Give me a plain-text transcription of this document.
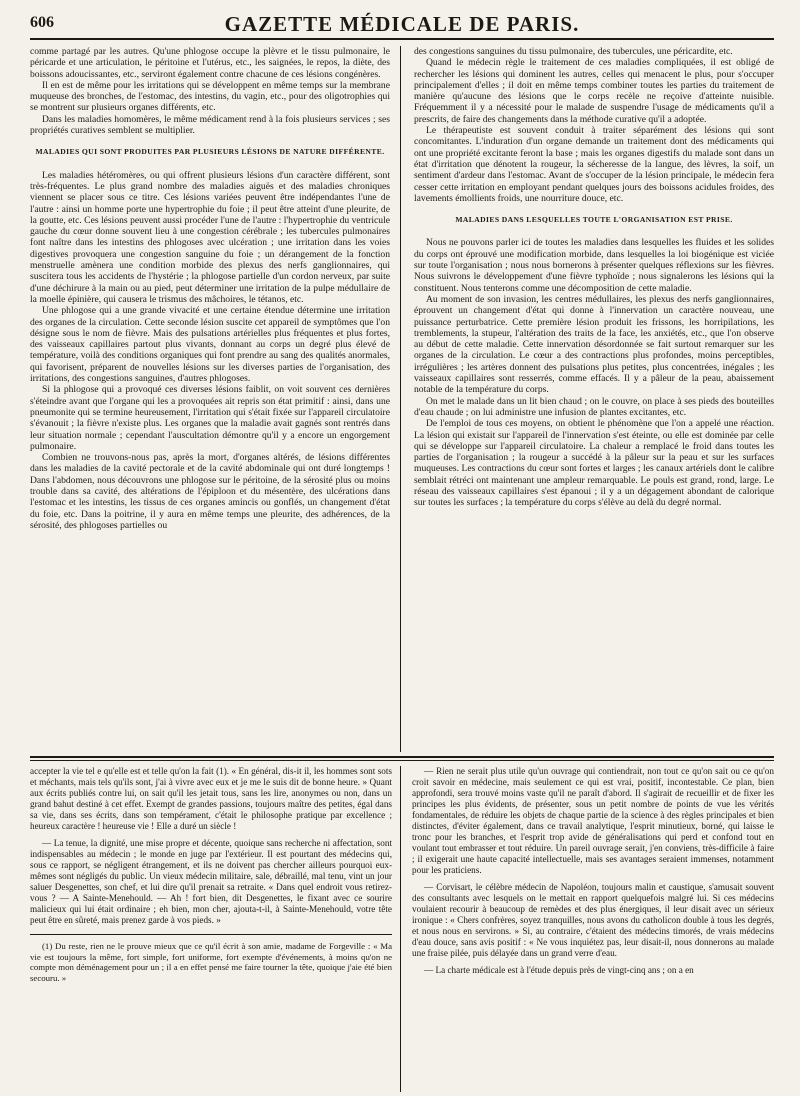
606	GAZETTE MÉDICALE DE PARIS.

comme partagé par les autres. Qu'une phlogose occupe la plèvre et le tissu pulmonaire, le péricarde et une articulation, le péritoine et l'utérus, etc., les saignées, le repos, la diète, des boissons adoucissantes, etc., serviront également contre chacune de ces lésions congénères.

Il en est de même pour les irritations qui se développent en même temps sur la membrane muqueuse des bronches, de l'estomac, des intestins, du vagin, etc., pour des oligotrophies qui se montrent sur plusieurs organes différents, etc.

Dans les maladies homomères, le même médicament rend à la fois plusieurs services ; ses propriétés curatives semblent se multiplier.

MALADIES QUI SONT PRODUITES PAR PLUSIEURS LÉSIONS DE NATURE DIFFÉRENTE.

Les maladies hétéromères, ou qui offrent plusieurs lésions d'un caractère différent, sont très-fréquentes. Le plus grand nombre des maladies aiguës et des maladies chroniques viennent se placer sous ce titre. Ces lésions variées peuvent être indépendantes l'une de l'autre : ainsi un homme porte une hypertrophie du foie ; il peut être atteint d'une pleurite, de la goutte, etc. Ces lésions peuvent aussi procéder l'une de l'autre : l'hypertrophie du ventricule gauche du cœur donne souvent lieu à une congestion cérébrale ; les tubercules pulmonaires font naître dans les intestins des phlogoses avec ulcération ; une irritation dans les voies digestives provoquera une congestion sanguine du foie ; un dérangement de la fonction menstruelle amènera une condition morbide des plexus des nerfs ganglionnaires, qui suscitera tous les accidents de l'hystérie ; la phlogose partielle d'un cordon nerveux, par suite d'une déchirure à la main ou au pied, peut déterminer une irritation de la pulpe médullaire de la moelle épinière, qui causera le trismus des mâchoires, le tétanos, etc.

Une phlogose qui a une grande vivacité et une certaine étendue détermine une irritation des organes de la circulation. Cette seconde lésion suscite cet appareil de symptômes que l'on désigne sous le nom de fièvre. Mais des pulsations artérielles plus fréquentes et plus fortes, des vaisseaux capillaires partout plus vivants, donnant au corps un degré plus élevé de température, voilà des conditions organiques qui font prendre au sang des qualités anormales, qui favorisent, préparent de nouvelles lésions sur les diverses parties de l'organisation, des irritations, des congestions sanguines, d'autres phlogoses.

Si la phlogose qui a provoqué ces diverses lésions faiblit, on voit souvent ces dernières s'éteindre avant que l'organe qui les a provoquées ait repris son état primitif : ainsi, dans une pneumonite qui se termine heureusement, l'irritation qui s'était fixée sur l'appareil circulatoire s'évanouit ; la fièvre n'existe plus. Les organes que la maladie avait gagnés sont rentrés dans leur situation normale ; cependant l'auscultation démontre qu'il y a encore un engorgement pulmonaire.

Combien ne trouvons-nous pas, après la mort, d'organes altérés, de lésions différentes dans les maladies de la cavité pectorale et de la cavité abdominale qui ont duré longtemps ! Dans l'abdomen, nous découvrons une phlogose sur le péritoine, de la sérosité plus ou moins trouble dans sa cavité, des altérations de l'épiploon et du mésentère, des ulcérations dans l'estomac et les intestins, les tissus de ces organes amincis ou gonflés, un changement d'état du foie, etc. Dans la poitrine, il y aura en même temps une pleurite, des adhérences, de la sérosité, des phlogoses partielles ou

des congestions sanguines du tissu pulmonaire, des tubercules, une péricardite, etc.

Quand le médecin règle le traitement de ces maladies compliquées, il est obligé de rechercher les lésions qui dominent les autres, celles qui menacent le plus, pour s'occuper principalement d'elles ; il doit en même temps combiner toutes les parties du traitement de manière qu'aucune des lésions que le corps recèle ne reçoive d'atteinte nuisible. Fréquemment il y a nécessité pour le malade de suspendre l'usage de médicaments qu'il a prescrits, de faire des changements dans la méthode curative qu'il a adoptée.

Le thérapeutiste est souvent conduit à traiter séparément des lésions qui sont concomitantes. L'induration d'un organe demande un traitement dont des médicaments qui ont une propriété excitante feront la base ; mais les organes digestifs du malade sont dans un état d'irritation que dénotent la rougeur, la sécheresse de la langue, des lèvres, la soif, un sentiment d'ardeur dans l'estomac. Avant de s'occuper de la lésion principale, le médecin fera cesser cette irritation en employant pendant quelques jours des boissons acidules froides, des lavements émollients froids, une nourriture douce, etc.

MALADIES DANS LESQUELLES TOUTE L'ORGANISATION EST PRISE.

Nous ne pouvons parler ici de toutes les maladies dans lesquelles les fluides et les solides du corps ont éprouvé une modification morbide, dans lesquelles la loi biogénique est viciée sur toute l'organisation ; nous nous bornerons à présenter quelques réflexions sur les fièvres. Nous suivrons le développement d'une fièvre typhoïde ; nous signalerons les lésions qui la constituent. Nous tenterons comme une décomposition de cette maladie.

Au moment de son invasion, les centres médullaires, les plexus des nerfs ganglionnaires, éprouvent un changement d'état qui donne à l'innervation un caractère nouveau, une puissance perturbatrice. Cette première lésion produit les frissons, les horripilations, les tremblements, la stupeur, l'altération des traits de la face, les anxiétés, etc., que l'on observe au début de cette maladie. Cette innervation désordonnée se fait surtout remarquer sur les organes de la circulation. Le cœur a des contractions plus profondes, moins perceptibles, irrégulières ; les artères donnent des pulsations plus petites, plus concentrées, inégales ; les vaisseaux capillaires sont resserrés, comme effacés. Il y a pâleur de la peau, abaissement notable de la température du corps.

On met le malade dans un lit bien chaud ; on le couvre, on place à ses pieds des bouteilles d'eau chaude ; on lui administre une infusion de plantes excitantes, etc.

De l'emploi de tous ces moyens, on obtient le phénomène que l'on a appelé une réaction. La lésion qui existait sur l'appareil de l'innervation s'est éteinte, ou elle est dominée par celle qui se développe sur l'appareil circulatoire. La chaleur a remplacé le froid dans toutes les parties de l'organisation ; la rougeur a succédé à la pâleur sur la peau et sur les surfaces muqueuses. Les contractions du cœur sont fortes et larges ; les canaux artériels dont le calibre semblait rétréci ont maintenant une ampleur remarquable. Le pouls est grand, rond, large. Le réseau des vaisseaux capillaires s'est épanoui ; il y a un dégagement abondant de calorique sur toutes les surfaces ; la température du corps s'élève au delà du degré normal.

accepter la vie tel e qu'elle est et telle qu'on la fait (1). « En général, dis-it il, les hommes sont sots et méchants, mais tels qu'ils sont, j'ai à vivre avec eux et je me le suis dit de bonne heure. » Quant aux écrits publiés contre lui, on sait qu'il les jetait tous, sans les lire, anonymes ou non, dans un grand bahut destiné à cet effet. Exempt de grandes passions, toujours maître des petites, égal dans sa vie, dans ses écrits, dans son tempérament, c'était le philosophe pratique par excellence ; heureux caractère ! heureuse vie ! Elle a duré un siècle !

— La tenue, la dignité, une mise propre et décente, quoique sans recherche ni affectation, sont indispensables au médecin ; le monde en juge par l'extérieur. Il est pourtant des médecins qui, sous ce rapport, se négligent étrangement, et ils ne doivent pas chercher ailleurs pourquoi eux-mêmes sont négligés du public. Un vieux médecin militaire, sale, débraillé, mal tenu, vint un jour saluer Desgenettes, son chef, et lui dire qu'il prenait sa retraite. « Dans quel endroit vous retirez-vous ? — A Sainte-Menehould. — Ah ! fort bien, dit Desgenettes, le fixant avec ce sourire malicieux qui lui était ordinaire ; eh bien, mon cher, ajouta-t-il, à Sainte-Menehould, votre tête peut être en sûreté, mais prenez garde à vos pieds. »

(1) Du reste, rien ne le prouve mieux que ce qu'il écrit à son amie, madame de Forgeville : « Ma vie est toujours la même, fort simple, fort uniforme, fort exempte d'événements, à moins qu'on ne compte mon déménagement pour un ; il a en effet pensé me faire tourner la tête, quoique j'aie été bien secouru. »

— Rien ne serait plus utile qu'un ouvrage qui contiendrait, non tout ce qu'on sait ou ce qu'on croit savoir en médecine, mais seulement ce qui est vrai, positif, incontestable. Ce plan, bien approfondi, sera trouvé moins vaste qu'il ne paraît d'abord. Il s'agirait de recueillir et de fixer les principes les plus évidents, de présenter, sous un petit nombre de points de vue les vérités fondamentales, de réduire les objets de chaque partie de la science à des règles principales et bien distinctes, d'éviter également, dans ce travail analytique, l'esprit minutieux, borné, qui laisse le tronc pour les branches, et l'esprit trop avide de généralisations qui perd et confond tout en voulant tout embrasser et tout réduire. Un pareil ouvrage serait, j'en conviens, très-difficile à faire ; il exigerait une haute capacité intellectuelle, mais ses avantages seraient immenses, notamment pour les praticiens.

— Corvisart, le célèbre médecin de Napoléon, toujours malin et caustique, s'amusait souvent des consultants avec lesquels on le mettait en rapport quelquefois malgré lui. Si ces médecins voulaient recourir à beaucoup de remèdes et des plus énergiques, il leur disait avec un sérieux ironique : « Chers confrères, soyez tranquilles, nous avons du catholicon double à tous les degrés, et nous nous en servirons. » Si, au contraire, c'étaient des médecins timorés, de vrais médecins d'eau douce, sans avis positif : « Ne vous inquiétez pas, leur disait-il, nous donnerons au malade une fraise pilée, puis délayée dans un grand verre d'eau.

— La charte médicale est à l'étude depuis près de vingt-cinq ans ; on a en
